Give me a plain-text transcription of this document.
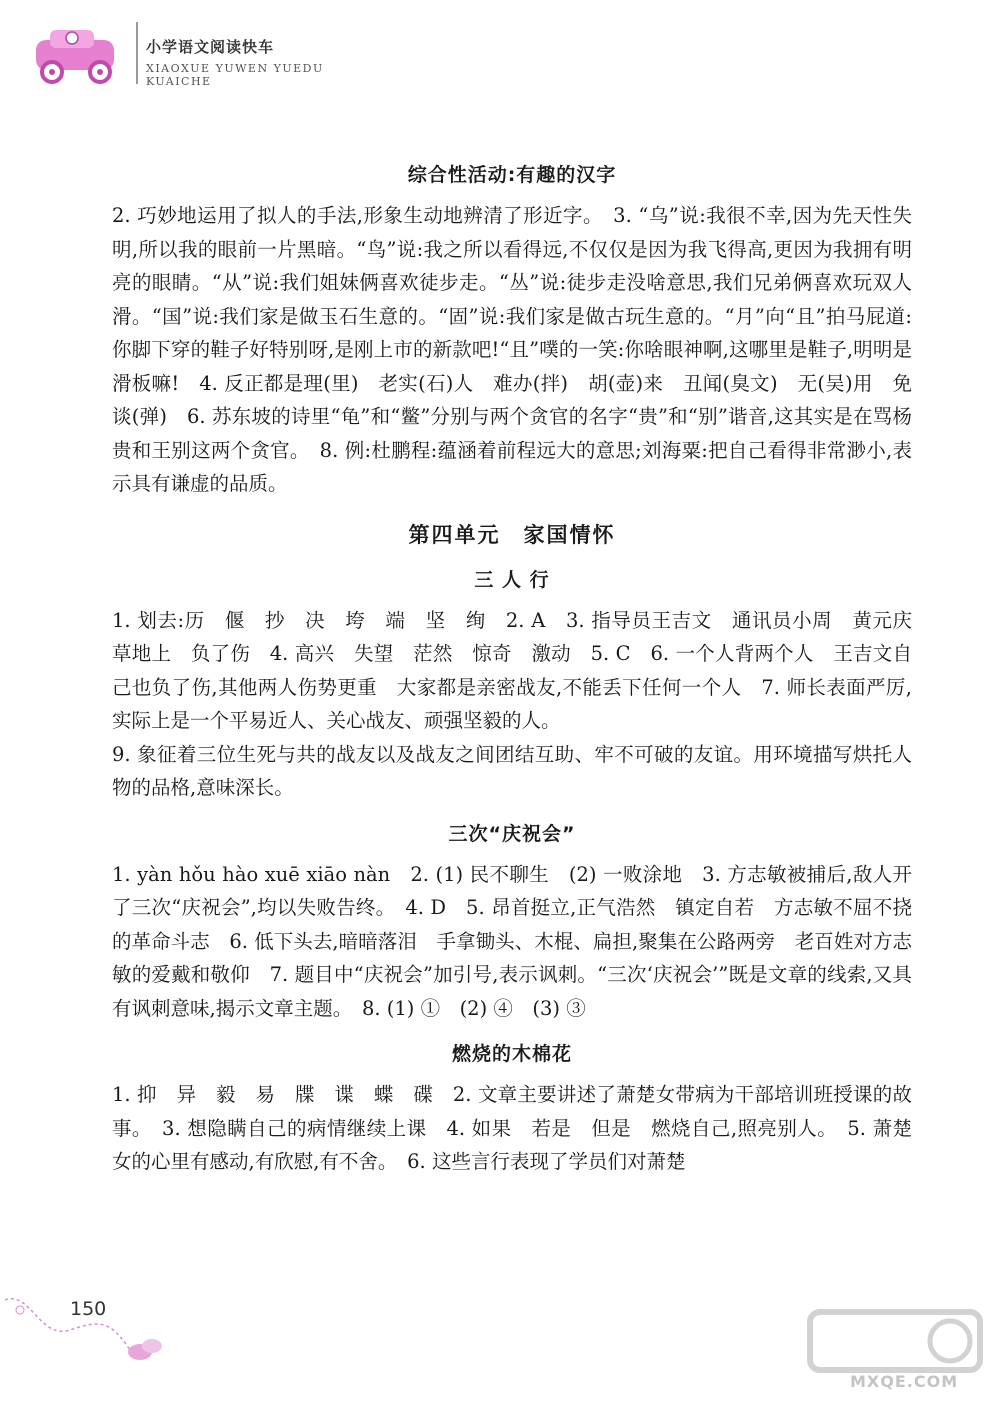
小学语文阅读快车
XIAOXUE YUWEN YUEDU KUAICHE
综合性活动:有趣的汉字

2. 巧妙地运用了拟人的手法,形象生动地辨清了形近字。　3. “乌”说:我很不幸,因为先天性失明,所以我的眼前一片黑暗。“鸟”说:我之所以看得远,不仅仅是因为我飞得高,更因为我拥有明亮的眼睛。“从”说:我们姐妹俩喜欢徒步走。“丛”说:徒步走没啥意思,我们兄弟俩喜欢玩双人滑。“国”说:我们家是做玉石生意的。“固”说:我们家是做古玩生意的。“月”向“且”拍马屁道:你脚下穿的鞋子好特别呀,是刚上市的新款吧!“且”噗的一笑:你啥眼神啊,这哪里是鞋子,明明是滑板嘛!　4. 反正都是理(里)　老实(石)人　难办(拌)　胡(壶)来　丑闻(臭文)　无(吴)用　免谈(弹)　6. 苏东坡的诗里“龟”和“鳖”分别与两个贪官的名字“贵”和“别”谐音,这其实是在骂杨贵和王别这两个贪官。　8. 例:杜鹏程:蕴涵着前程远大的意思;刘海粟:把自己看得非常渺小,表示具有谦虚的品质。

第四单元　家国情怀
三 人 行

1. 划去:历　偃　抄　决　垮　端　坚　绚　2. A　3. 指导员王吉文　通讯员小周　黄元庆　草地上　负了伤　4. 高兴　失望　茫然　惊奇　激动　5. C　6. 一个人背两个人　王吉文自己也负了伤,其他两人伤势更重　大家都是亲密战友,不能丢下任何一个人　7. 师长表面严厉,实际上是一个平易近人、关心战友、顽强坚毅的人。
9. 象征着三位生死与共的战友以及战友之间团结互助、牢不可破的友谊。用环境描写烘托人物的品格,意味深长。

三次“庆祝会”

1. yàn hǒu hào xuē xiāo nàn　2. (1) 民不聊生　(2) 一败涂地　3. 方志敏被捕后,敌人开了三次“庆祝会”,均以失败告终。　4. D　5. 昂首挺立,正气浩然　镇定自若　方志敏不屈不挠的革命斗志　6. 低下头去,暗暗落泪　手拿锄头、木棍、扁担,聚集在公路两旁　老百姓对方志敏的爱戴和敬仰　7. 题目中“庆祝会”加引号,表示讽刺。“三次‘庆祝会’”既是文章的线索,又具有讽刺意味,揭示文章主题。　8. (1) ①　(2) ④　(3) ③

燃烧的木棉花

1. 抑　异　毅　易　牒　谍　蝶　碟　2. 文章主要讲述了萧楚女带病为干部培训班授课的故事。　3. 想隐瞒自己的病情继续上课　4. 如果　若是　但是　燃烧自己,照亮别人。　5. 萧楚女的心里有感动,有欣慰,有不舍。　6. 这些言行表现了学员们对萧楚

150
MXQE.COM
